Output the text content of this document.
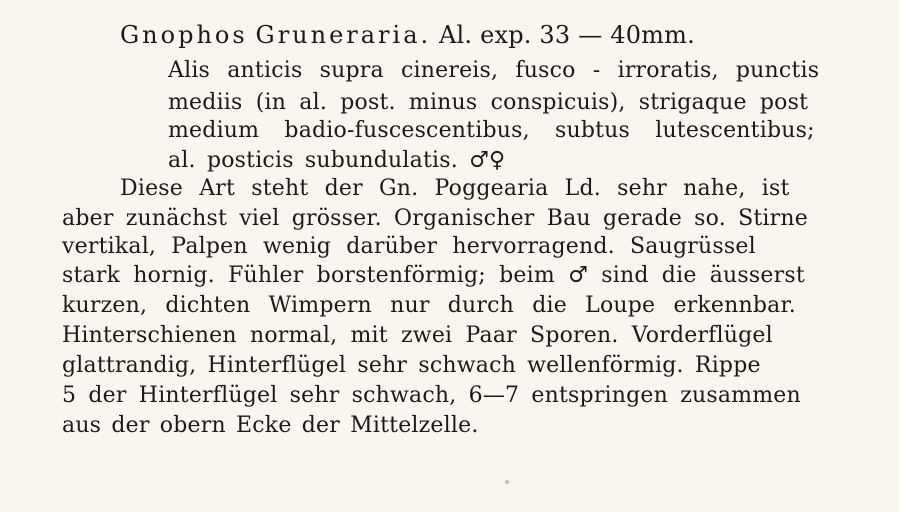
Gnophos Gruneraria. Al. exp. 33 — 40mm.
Alis anticis supra cinereis, fusco - irroratis, punctis
mediis (in al. post. minus conspicuis), strigaque post
medium badio-fuscescentibus, subtus lutescentibus;
al. posticis subundulatis. ♂♀
Diese Art steht der Gn. Poggearia Ld. sehr nahe, ist
aber zunächst viel grösser. Organischer Bau gerade so. Stirne
vertikal, Palpen wenig darüber hervorragend. Saugrüssel
stark hornig. Fühler borstenförmig; beim ♂ sind die äusserst
kurzen, dichten Wimpern nur durch die Loupe erkennbar.
Hinterschienen normal, mit zwei Paar Sporen. Vorderflügel
glattrandig, Hinterflügel sehr schwach wellenförmig. Rippe
5 der Hinterflügel sehr schwach, 6—7 entspringen zusammen
aus der obern Ecke der Mittelzelle.
